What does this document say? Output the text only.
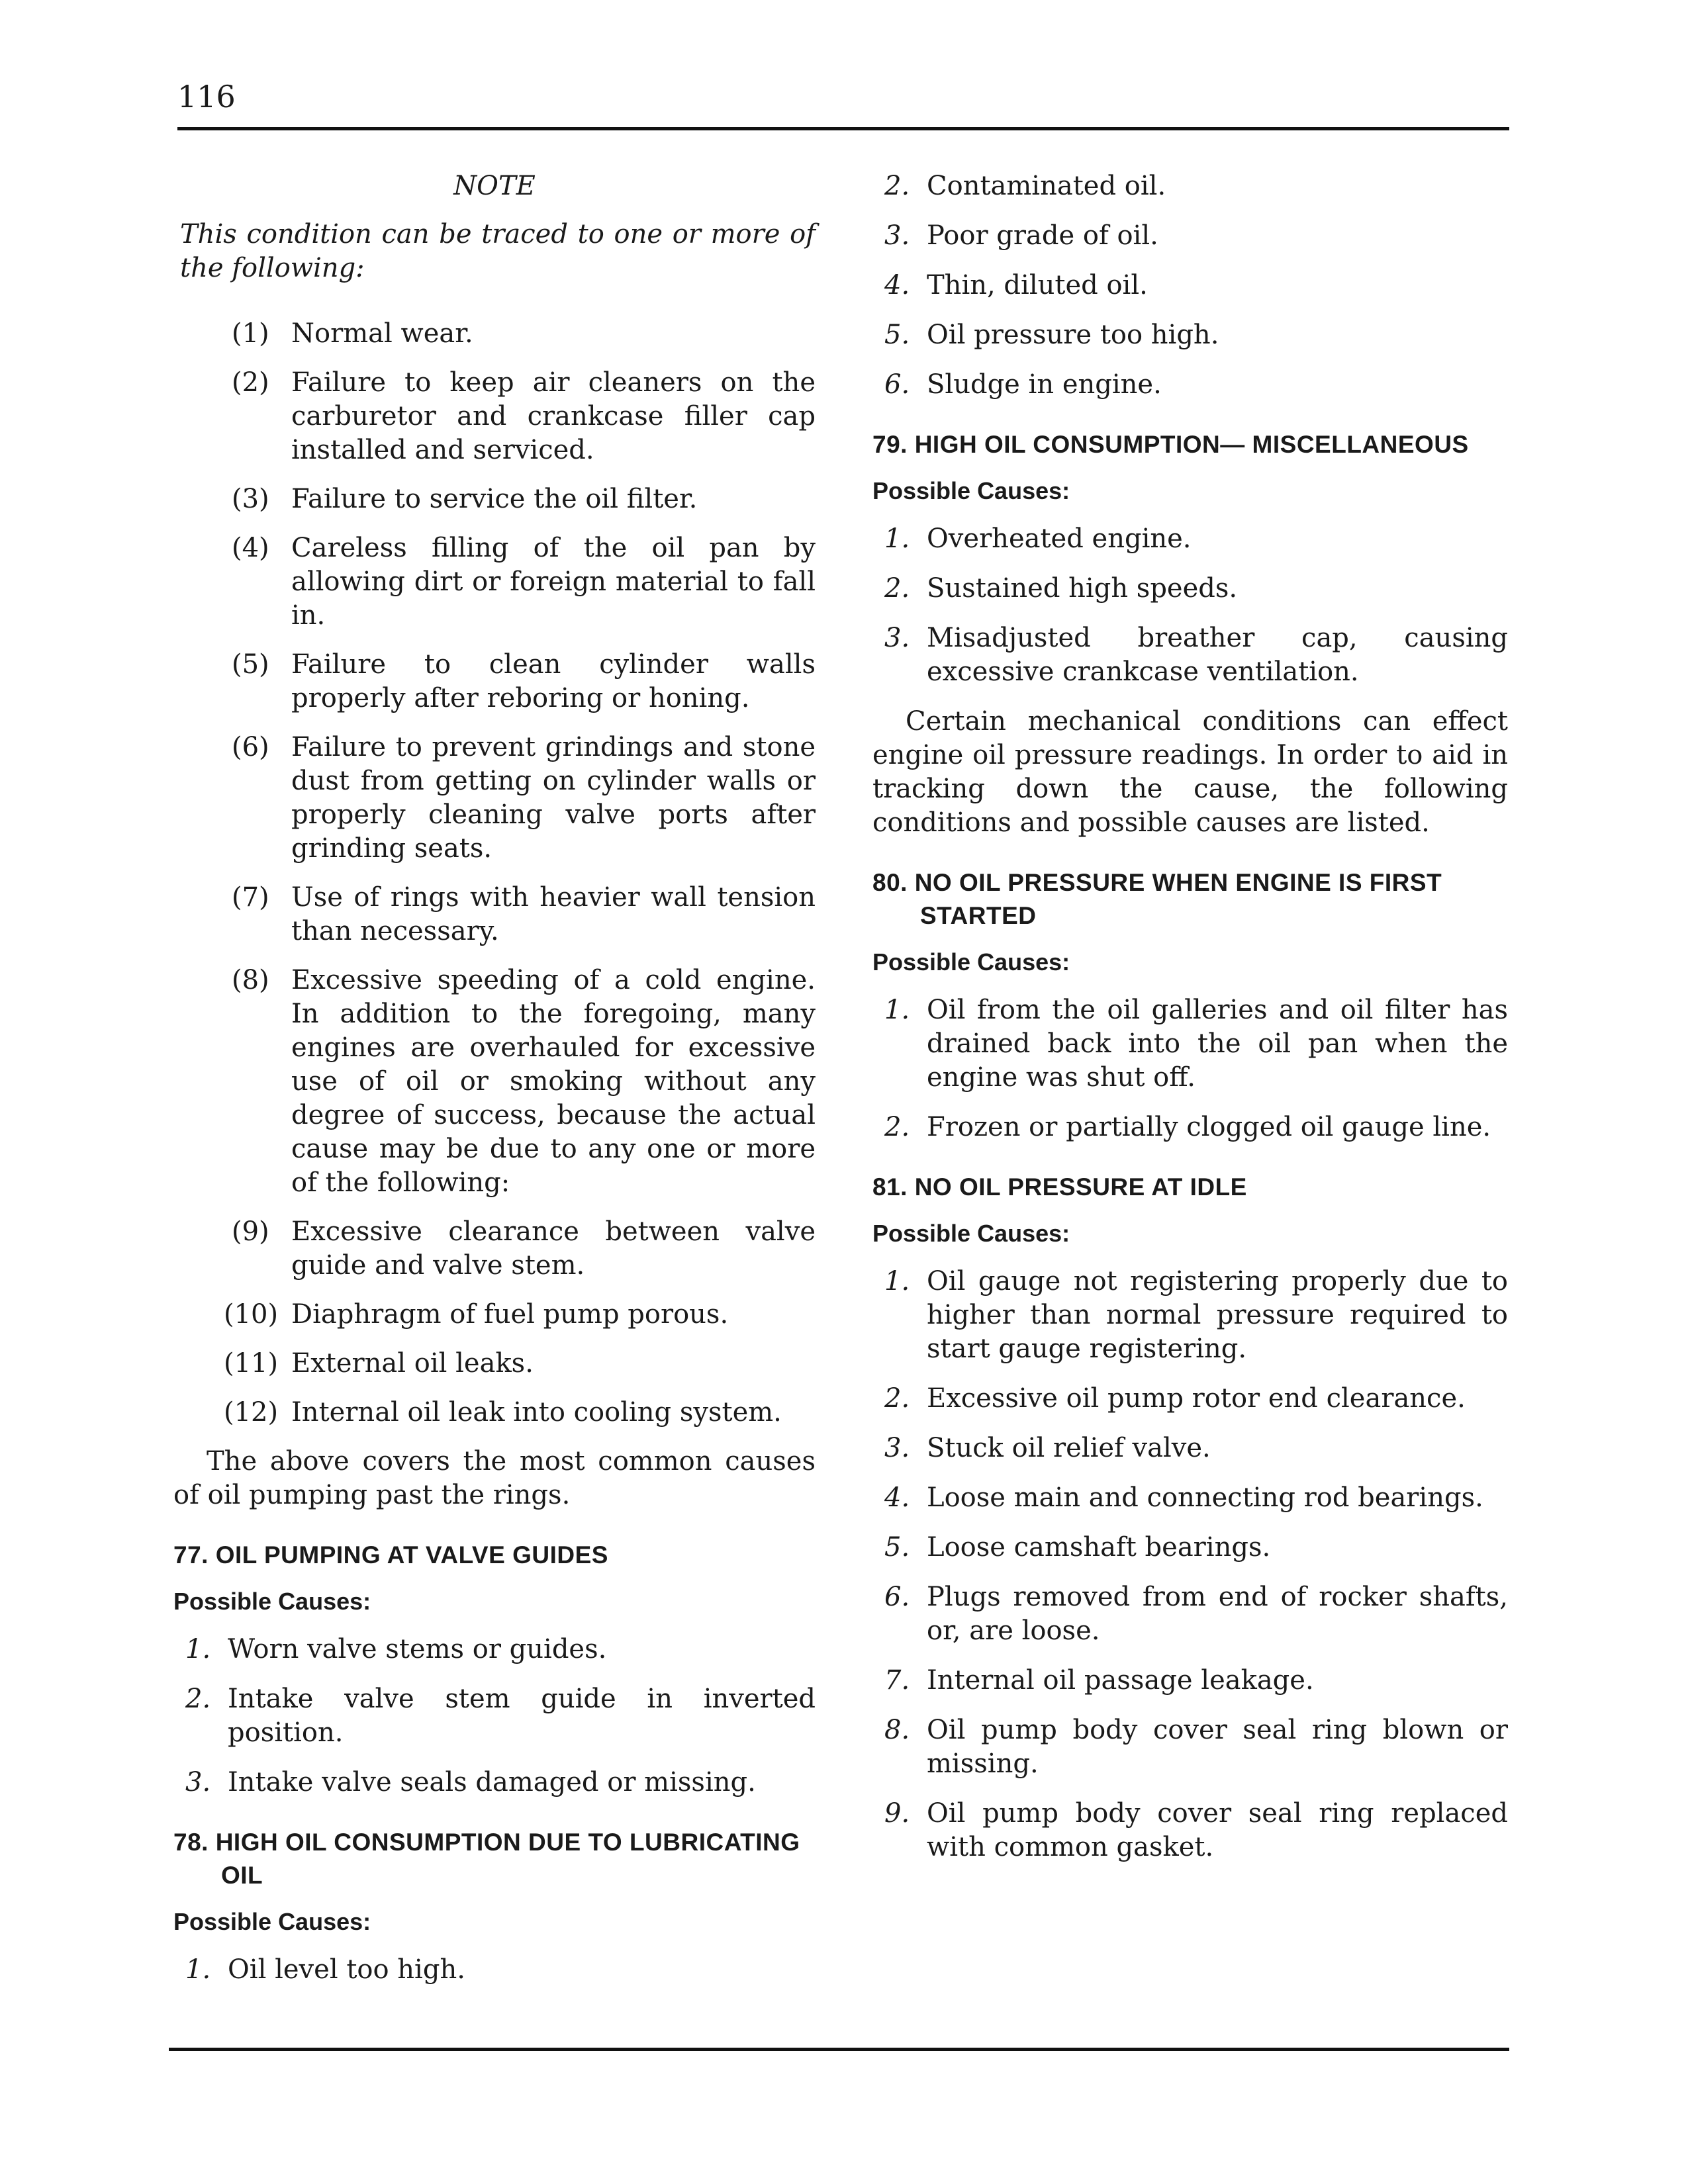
116
NOTE
This condition can be traced to one or more of the following:
(1) Normal wear.
(2) Failure to keep air cleaners on the carburetor and crankcase filler cap installed and serviced.
(3) Failure to service the oil filter.
(4) Careless filling of the oil pan by allowing dirt or foreign material to fall in.
(5) Failure to clean cylinder walls properly after reboring or honing.
(6) Failure to prevent grindings and stone dust from getting on cylinder walls or properly cleaning valve ports after grinding seats.
(7) Use of rings with heavier wall tension than necessary.
(8) Excessive speeding of a cold engine. In addition to the foregoing, many engines are overhauled for excessive use of oil or smoking without any degree of success, because the actual cause may be due to any one or more of the following:
(9) Excessive clearance between valve guide and valve stem.
(10) Diaphragm of fuel pump porous.
(11) External oil leaks.
(12) Internal oil leak into cooling system.

The above covers the most common causes of oil pumping past the rings.

77. OIL PUMPING AT VALVE GUIDES
Possible Causes:
1. Worn valve stems or guides.
2. Intake valve stem guide in inverted position.
3. Intake valve seals damaged or missing.
78. HIGH OIL CONSUMPTION DUE TO LUBRICATING OIL
Possible Causes:
1. Oil level too high.
2. Contaminated oil.
3. Poor grade of oil.
4. Thin, diluted oil.
5. Oil pressure too high.
6. Sludge in engine.
79. HIGH OIL CONSUMPTION— MISCELLANEOUS
Possible Causes:
1. Overheated engine.
2. Sustained high speeds.
3. Misadjusted breather cap, causing excessive crankcase ventilation.

Certain mechanical conditions can effect engine oil pressure readings. In order to aid in tracking down the cause, the following conditions and possible causes are listed.

80. NO OIL PRESSURE WHEN ENGINE IS FIRST STARTED
Possible Causes:
1. Oil from the oil galleries and oil filter has drained back into the oil pan when the engine was shut off.
2. Frozen or partially clogged oil gauge line.
81. NO OIL PRESSURE AT IDLE
Possible Causes:
1. Oil gauge not registering properly due to higher than normal pressure required to start gauge registering.
2. Excessive oil pump rotor end clearance.
3. Stuck oil relief valve.
4. Loose main and connecting rod bearings.
5. Loose camshaft bearings.
6. Plugs removed from end of rocker shafts, or, are loose.
7. Internal oil passage leakage.
8. Oil pump body cover seal ring blown or missing.
9. Oil pump body cover seal ring replaced with common gasket.
